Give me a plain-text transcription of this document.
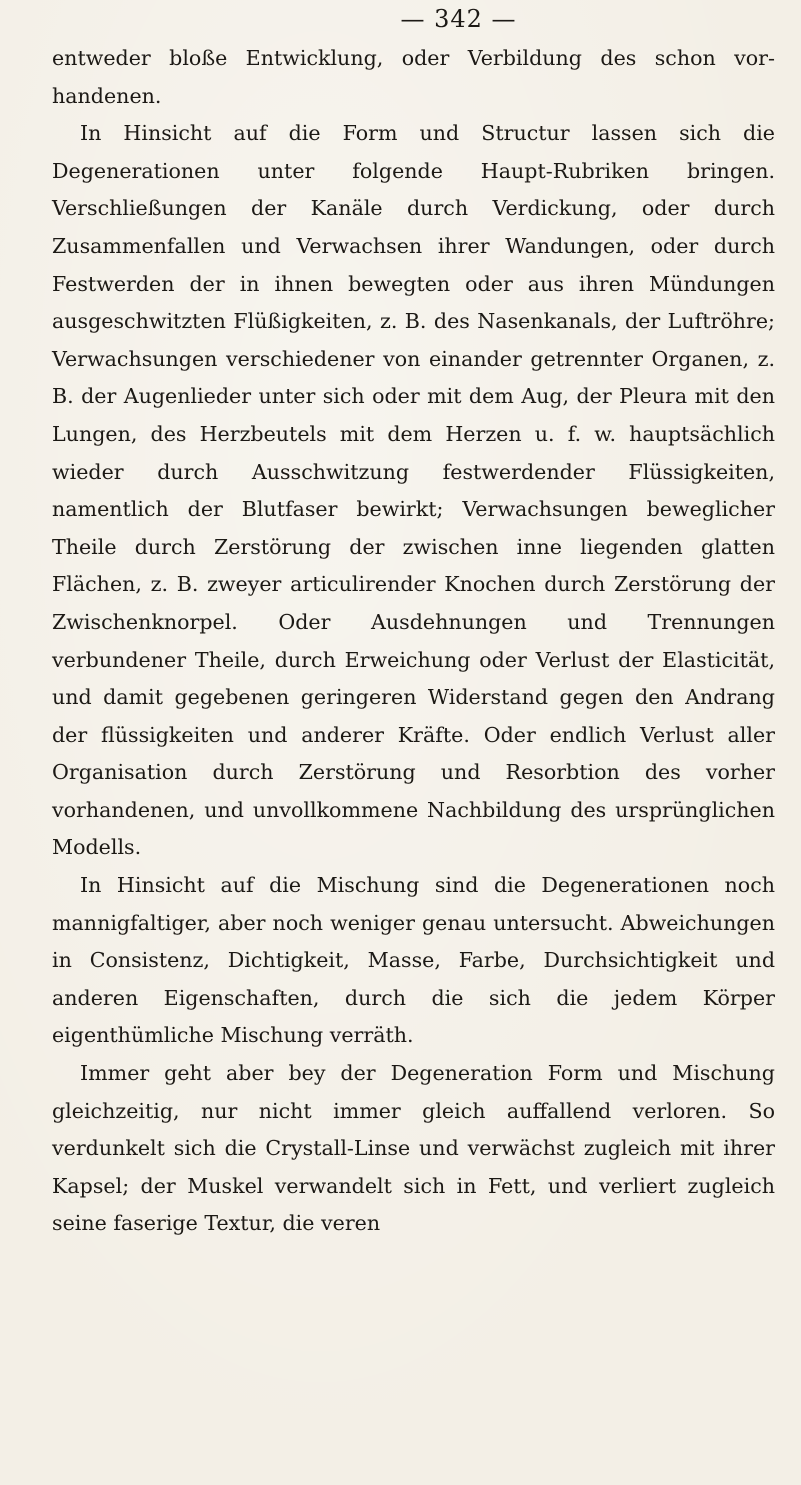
— 342 —

entweder bloße Entwicklung, oder Verbildung des schon vorhandenen.

In Hinsicht auf die Form und Structur lassen sich die Degenerationen unter folgende Haupt-Rubriken bringen. Verschließungen der Kanäle durch Verdickung, oder durch Zusammenfallen und Verwachsen ihrer Wandungen, oder durch Festwerden der in ihnen bewegten oder aus ihren Mündungen ausgeschwitzten Flüßigkeiten, z. B. des Nasenkanals, der Luftröhre; Verwachsungen verschiedener von einander getrennter Organen, z. B. der Augenlieder unter sich oder mit dem Aug, der Pleura mit den Lungen, des Herzbeutels mit dem Herzen u. f. w. hauptsächlich wieder durch Ausschwitzung festwerdender Flüssigkeiten, namentlich der Blutfaser bewirkt; Verwachsungen beweglicher Theile durch Zerstörung der zwischen inne liegenden glatten Flächen, z. B. zweyer articulirender Knochen durch Zerstörung der Zwischenknorpel. Oder Ausdehnungen und Trennungen verbundener Theile, durch Erweichung oder Verlust der Elasticität, und damit gegebenen geringeren Widerstand gegen den Andrang der flüssigkeiten und anderer Kräfte. Oder endlich Verlust aller Organisation durch Zerstörung und Resorbtion des vorher vorhandenen, und unvollkommene Nachbildung des ursprünglichen Modells.

In Hinsicht auf die Mischung sind die Degenerationen noch mannigfaltiger, aber noch weniger genau untersucht. Abweichungen in Consistenz, Dichtigkeit, Masse, Farbe, Durchsichtigkeit und anderen Eigenschaften, durch die sich die jedem Körper eigenthümliche Mischung verräth.

Immer geht aber bey der Degeneration Form und Mischung gleichzeitig, nur nicht immer gleich auffallend verloren. So verdunkelt sich die Crystall-Linse und verwächst zugleich mit ihrer Kapsel; der Muskel verwandelt sich in Fett, und verliert zugleich seine faserige Textur, die veren
